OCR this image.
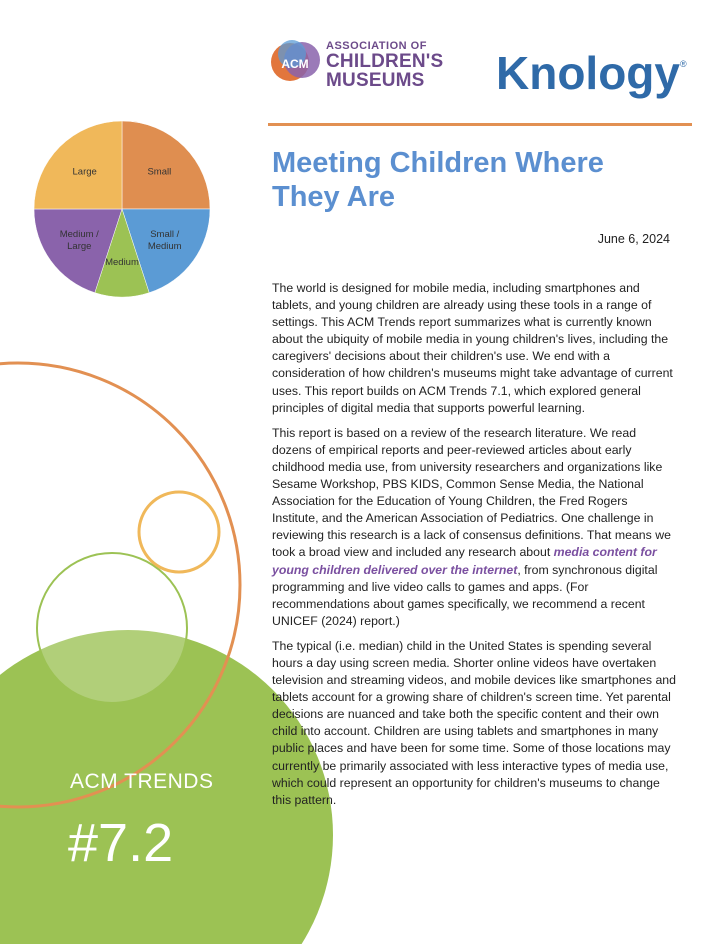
Small
Small / Medium
Medium
Medium / Large
Large
ACM
ASSOCIATION OF
CHILDREN'S
MUSEUMS	Knology®
Meeting Children Where They Are
June 6, 2024

The world is designed for mobile media, including smartphones and tablets, and young children are already using these tools in a range of settings. This ACM Trends report summarizes what is currently known about the ubiquity of mobile media in young children's lives, including the caregivers' decisions about their children's use. We end with a consideration of how children's museums might take advantage of current uses. This report builds on ACM Trends 7.1, which explored general principles of digital media that supports powerful learning.

This report is based on a review of the research literature. We read dozens of empirical reports and peer-reviewed articles about early childhood media use, from university researchers and organizations like Sesame Workshop, PBS KIDS, Common Sense Media, the National Association for the Education of Young Children, the Fred Rogers Institute, and the American Association of Pediatrics. One challenge in reviewing this research is a lack of consensus definitions. That means we took a broad view and included any research about media content for young children delivered over the internet, from synchronous digital programming and live video calls to games and apps. (For recommendations about games specifically, we recommend a recent UNICEF (2024) report.)

The typical (i.e. median) child in the United States is spending several hours a day using screen media. Shorter online videos have overtaken television and streaming videos, and mobile devices like smartphones and tablets account for a growing share of children's screen time. Yet parental decisions are nuanced and take both the specific content and their own child into account. Children are using tablets and smartphones in many public places and have been for some time. Some of those locations may currently be primarily associated with less interactive types of media use, which could represent an opportunity for children's museums to change this pattern.

ACM TRENDS
#7.2
